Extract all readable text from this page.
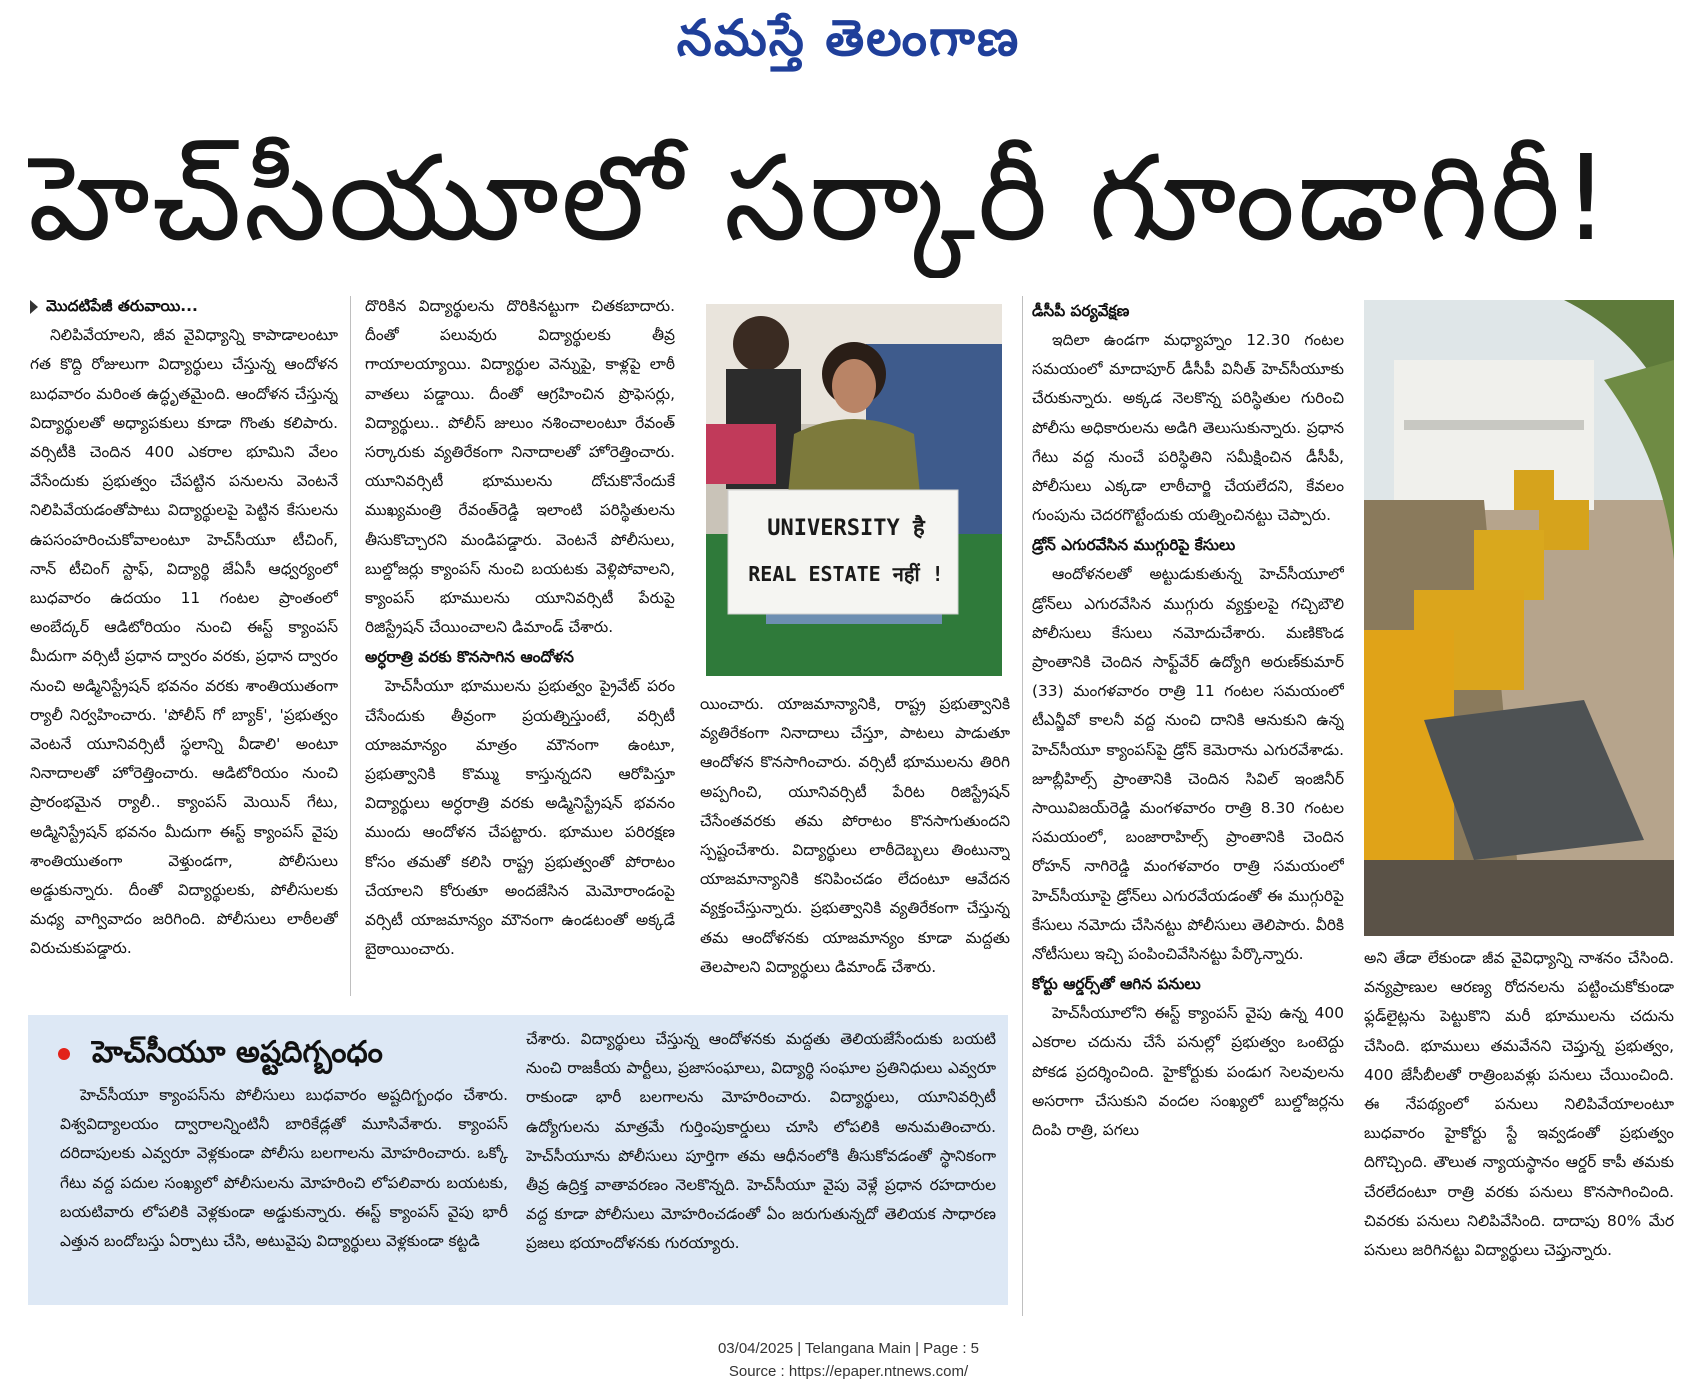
నమస్తే తెలంగాణ
హెచ్‌సీయూలో సర్కారీ గూండాగిరీ!

మొదటిపేజీ తరువాయి...

నిలిపివేయాలని, జీవ వైవిధ్యాన్ని కాపాడాలంటూ గత కొద్ది రోజులుగా విద్యార్థులు చేస్తున్న ఆందోళన బుధవారం మరింత ఉద్ధృతమైంది. ఆందోళన చేస్తున్న విద్యార్థులతో అధ్యాపకులు కూడా గొంతు కలిపారు. వర్సిటీకి చెందిన 400 ఎకరాల భూమిని వేలం వేసేందుకు ప్రభుత్వం చేపట్టిన పనులను వెంటనే నిలిపివేయడంతోపాటు విద్యార్థులపై పెట్టిన కేసులను ఉపసంహరించుకోవాలంటూ హెచ్‌సీయూ టీచింగ్, నాన్ టీచింగ్ స్టాఫ్, విద్యార్థి జేఏసీ ఆధ్వర్యంలో బుధవారం ఉదయం 11 గంటల ప్రాంతంలో అంబేద్కర్ ఆడిటోరియం నుంచి ఈస్ట్ క్యాంపస్ మీదుగా వర్సిటీ ప్రధాన ద్వారం వరకు, ప్రధాన ద్వారం నుంచి అడ్మినిస్ట్రేషన్ భవనం వరకు శాంతియుతంగా ర్యాలీ నిర్వహించారు. 'పోలీస్ గో బ్యాక్', 'ప్రభుత్వం వెంటనే యూనివర్సిటీ స్థలాన్ని వీడాలి' అంటూ నినాదాలతో హోరెత్తించారు. ఆడిటోరియం నుంచి ప్రారంభమైన ర్యాలీ.. క్యాంపస్ మెయిన్ గేటు, అడ్మినిస్ట్రేషన్ భవనం మీదుగా ఈస్ట్ క్యాంపస్ వైపు శాంతియుతంగా వెళ్తుండగా, పోలీసులు అడ్డుకున్నారు. దీంతో విద్యార్థులకు, పోలీసులకు మధ్య వాగ్వివాదం జరిగింది. పోలీసులు లాఠీలతో విరుచుకుపడ్డారు.

దొరికిన విద్యార్థులను దొరికినట్టుగా చితకబాదారు. దీంతో పలువురు విద్యార్థులకు తీవ్ర గాయాలయ్యాయి. విద్యార్థుల వెన్నుపై, కాళ్లపై లాఠీ వాతలు పడ్డాయి. దీంతో ఆగ్రహించిన ప్రొఫెసర్లు, విద్యార్థులు.. పోలీస్ జులుం నశించాలంటూ రేవంత్ సర్కారుకు వ్యతిరేకంగా నినాదాలతో హోరెత్తించారు. యూనివర్సిటీ భూములను దోచుకొనేందుకే ముఖ్యమంత్రి రేవంత్‌రెడ్డి ఇలాంటి పరిస్థితులను తీసుకొచ్చారని మండిపడ్డారు. వెంటనే పోలీసులు, బుల్డోజర్లు క్యాంపస్ నుంచి బయటకు వెళ్లిపోవాలని, క్యాంపస్ భూములను యూనివర్సిటీ పేరుపై రిజిస్ట్రేషన్ చేయించాలని డిమాండ్ చేశారు.

అర్ధరాత్రి వరకు కొనసాగిన ఆందోళన

హెచ్‌సీయూ భూములను ప్రభుత్వం ప్రైవేట్ పరం చేసేందుకు తీవ్రంగా ప్రయత్నిస్తుంటే, వర్సిటీ యాజమాన్యం మాత్రం మౌనంగా ఉంటూ, ప్రభుత్వానికి కొమ్ము కాస్తున్నదని ఆరోపిస్తూ విద్యార్థులు అర్ధరాత్రి వరకు అడ్మినిస్ట్రేషన్ భవనం ముందు ఆందోళన చేపట్టారు. భూముల పరిరక్షణ కోసం తమతో కలిసి రాష్ట్ర ప్రభుత్వంతో పోరాటం చేయాలని కోరుతూ అందజేసిన మెమోరాండంపై వర్సిటీ యాజమాన్యం మౌనంగా ఉండటంతో అక్కడే బైఠాయించారు.

UNIVERSITY है
REAL ESTATE नहीं !

యించారు. యాజమాన్యానికి, రాష్ట్ర ప్రభుత్వానికి వ్యతిరేకంగా నినాదాలు చేస్తూ, పాటలు పాడుతూ ఆందోళన కొనసాగించారు. వర్సిటీ భూములను తిరిగి అప్పగించి, యూనివర్సిటీ పేరిట రిజిస్ట్రేషన్ చేసేంతవరకు తమ పోరాటం కొనసాగుతుందని స్పష్టంచేశారు. విద్యార్థులు లాఠీదెబ్బలు తింటున్నా యాజమాన్యానికి కనిపించడం లేదంటూ ఆవేదన వ్యక్తంచేస్తున్నారు. ప్రభుత్వానికి వ్యతిరేకంగా చేస్తున్న తమ ఆందోళనకు యాజమాన్యం కూడా మద్దతు తెలపాలని విద్యార్థులు డిమాండ్ చేశారు.

డీసీపీ పర్యవేక్షణ

ఇదిలా ఉండగా మధ్యాహ్నం 12.30 గంటల సమయంలో మాదాపూర్ డీసీపీ వినీత్ హెచ్‌సీయూకు చేరుకున్నారు. అక్కడ నెలకొన్న పరిస్థితుల గురించి పోలీసు అధికారులను అడిగి తెలుసుకున్నారు. ప్రధాన గేటు వద్ద నుంచే పరిస్థితిని సమీక్షించిన డీసీపీ, పోలీసులు ఎక్కడా లాఠీచార్జి చేయలేదని, కేవలం గుంపును చెదరగొట్టేందుకు యత్నించినట్టు చెప్పారు.

డ్రోన్ ఎగురవేసిన ముగ్గురిపై కేసులు

ఆందోళనలతో అట్టుడుకుతున్న హెచ్‌సీయూలో డ్రోన్‌లు ఎగురవేసిన ముగ్గురు వ్యక్తులపై గచ్చిబౌలి పోలీసులు కేసులు నమోదుచేశారు. మణికొండ ప్రాంతానికి చెందిన సాఫ్ట్‌వేర్ ఉద్యోగి అరుణ్‌కుమార్ (33) మంగళవారం రాత్రి 11 గంటల సమయంలో టీఎన్జీవో కాలనీ వద్ద నుంచి దానికి ఆనుకుని ఉన్న హెచ్‌సీయూ క్యాంపస్‌పై డ్రోన్ కెమెరాను ఎగురవేశాడు. జూబ్లీహిల్స్ ప్రాంతానికి చెందిన సివిల్ ఇంజినీర్ సాయివిజయ్‌రెడ్డి మంగళవారం రాత్రి 8.30 గంటల సమయంలో, బంజారాహిల్స్ ప్రాంతానికి చెందిన రోహన్ నాగిరెడ్డి మంగళవారం రాత్రి సమయంలో హెచ్‌సీయూపై డ్రోన్‌లు ఎగురవేయడంతో ఈ ముగ్గురిపై కేసులు నమోదు చేసినట్టు పోలీసులు తెలిపారు. వీరికి నోటీసులు ఇచ్చి పంపించివేసినట్టు పేర్కొన్నారు.

కోర్టు ఆర్డర్స్‌తో ఆగిన పనులు

హెచ్‌సీయూలోని ఈస్ట్ క్యాంపస్ వైపు ఉన్న 400 ఎకరాల చదును చేసే పనుల్లో ప్రభుత్వం ఒంటెద్దు పోకడ ప్రదర్శించింది. హైకోర్టుకు పండుగ సెలవులను అసరాగా చేసుకుని వందల సంఖ్యలో బుల్డోజర్లను దింపి రాత్రి, పగలు

అని తేడా లేకుండా జీవ వైవిధ్యాన్ని నాశనం చేసింది. వన్యప్రాణుల ఆరణ్య రోదనలను పట్టించుకోకుండా ఫ్లడ్‌లైట్లను పెట్టుకొని మరీ భూములను చదును చేసింది. భూములు తమవేనని చెప్తున్న ప్రభుత్వం, 400 జేసీబీలతో రాత్రింబవళ్లు పనులు చేయించింది. ఈ నేపథ్యంలో పనులు నిలిపివేయాలంటూ బుధవారం హైకోర్టు స్టే ఇవ్వడంతో ప్రభుత్వం దిగొచ్చింది. తౌలుత న్యాయస్థానం ఆర్డర్ కాపీ తమకు చేరలేదంటూ రాత్రి వరకు పనులు కొనసాగించింది. చివరకు పనులు నిలిపివేసింది. దాదాపు 80% మేర పనులు జరిగినట్టు విద్యార్థులు చెప్తున్నారు.

హెచ్‌సీయూ అష్టదిగ్బంధం

హెచ్‌సీయూ క్యాంపస్‌ను పోలీసులు బుధవారం అష్టదిగ్బంధం చేశారు. విశ్వవిద్యాలయం ద్వారాలన్నింటినీ బారికేడ్లతో మూసివేశారు. క్యాంపస్ దరిదాపులకు ఎవ్వరూ వెళ్లకుండా పోలీసు బలగాలను మోహరించారు. ఒక్కో గేటు వద్ద పదుల సంఖ్యలో పోలీసులను మోహరించి లోపలివారు బయటకు, బయటివారు లోపలికి వెళ్లకుండా అడ్డుకున్నారు. ఈస్ట్ క్యాంపస్ వైపు భారీ ఎత్తున బందోబస్తు ఏర్పాటు చేసి, అటువైపు విద్యార్థులు వెళ్లకుండా కట్టడి

చేశారు. విద్యార్థులు చేస్తున్న ఆందోళనకు మద్దతు తెలియజేసేందుకు బయటి నుంచి రాజకీయ పార్టీలు, ప్రజాసంఘాలు, విద్యార్థి సంఘాల ప్రతినిధులు ఎవ్వరూ రాకుండా భారీ బలగాలను మోహరించారు. విద్యార్థులు, యూనివర్సిటీ ఉద్యోగులను మాత్రమే గుర్తింపుకార్డులు చూసి లోపలికి అనుమతించారు. హెచ్‌సీయూను పోలీసులు పూర్తిగా తమ ఆధీనంలోకి తీసుకోవడంతో స్థానికంగా తీవ్ర ఉద్రిక్త వాతావరణం నెలకొన్నది. హెచ్‌సీయూ వైపు వెళ్లే ప్రధాన రహదారుల వద్ద కూడా పోలీసులు మోహరించడంతో ఏం జరుగుతున్నదో తెలియక సాధారణ ప్రజలు భయాందోళనకు గురయ్యారు.

03/04/2025 | Telangana Main | Page : 5
Source : https://epaper.ntnews.com/
